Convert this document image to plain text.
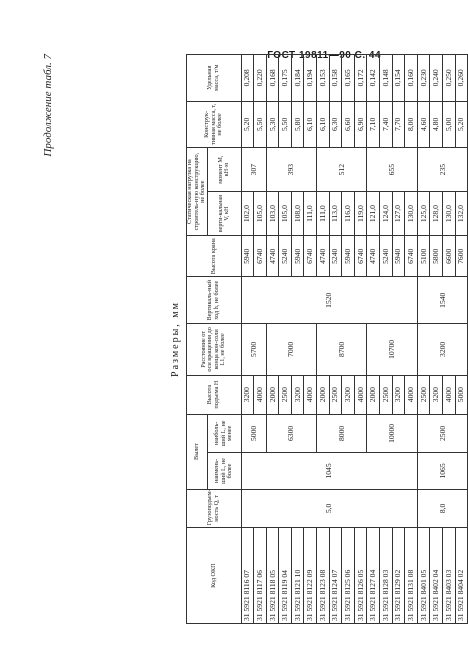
ГОСТ 19811—90 С. 44
Продолжение табл. 7
Размеры, мм
Код ОКП	Грузоподъем-ность Q, т	Вылет		Высота подъема H	Расстояние от оси вращения до конца кон-соли L1, не более	Вертикаль-ный ход h, не более	Высота крана	Статическая нагрузка на строитель-ную конструкцию, не более		Конструк-тивная масса, т, не более	Удельная масса, т/м
		наимень-ший L, не более	наиболь-ший L, не менее					верти-кальная V, кН	момент М, кН·м		
31 5921 8116 07	5,0	1045	5000	3200	5700	1520	5940	102,0	307	5,20	0,208
31 5921 8117 06				4000			6740	105,0		5,50	0,220
31 5921 8118 05			6300	2000	7000		4740	103,0	393	5,30	0,168
31 5921 8119 04				2500			5240	105,0		5,50	0,175
31 5921 8121 10				3200			5940	108,0		5,80	0,184
31 5921 8122 09				4000			6740	111,0		6,10	0,194
31 5921 8123 08			8000	2000	8700		4740	111,0	512	6,10	0,153
31 5921 8124 07				2500			5240	113,0		6,30	0,158
31 5921 8125 06				3200			5940	116,0		6,60	0,165
31 5921 8126 05				4000			6740	119,0		6,90	0,172
31 5921 8127 04			10000	2000	10700		4740	121,0	655	7,10	0,142
31 5921 8128 03				2500			5240	124,0		7,40	0,148
31 5921 8129 02				3200			5940	127,0		7,70	0,154
31 5921 8131 08				4000			6740	130,0		8,00	0,160
31 5921 8401 05	8,0	1065	2500	2500	3200	1540	5100	125,0	235	4,60	0,230
31 5921 8402 04				3200			5800	128,0		4,80	0,240
31 5921 8403 03				4000			6600	130,0		5,00	0,250
31 5921 8404 02				5000			7600	132,0		5,20	0,260
